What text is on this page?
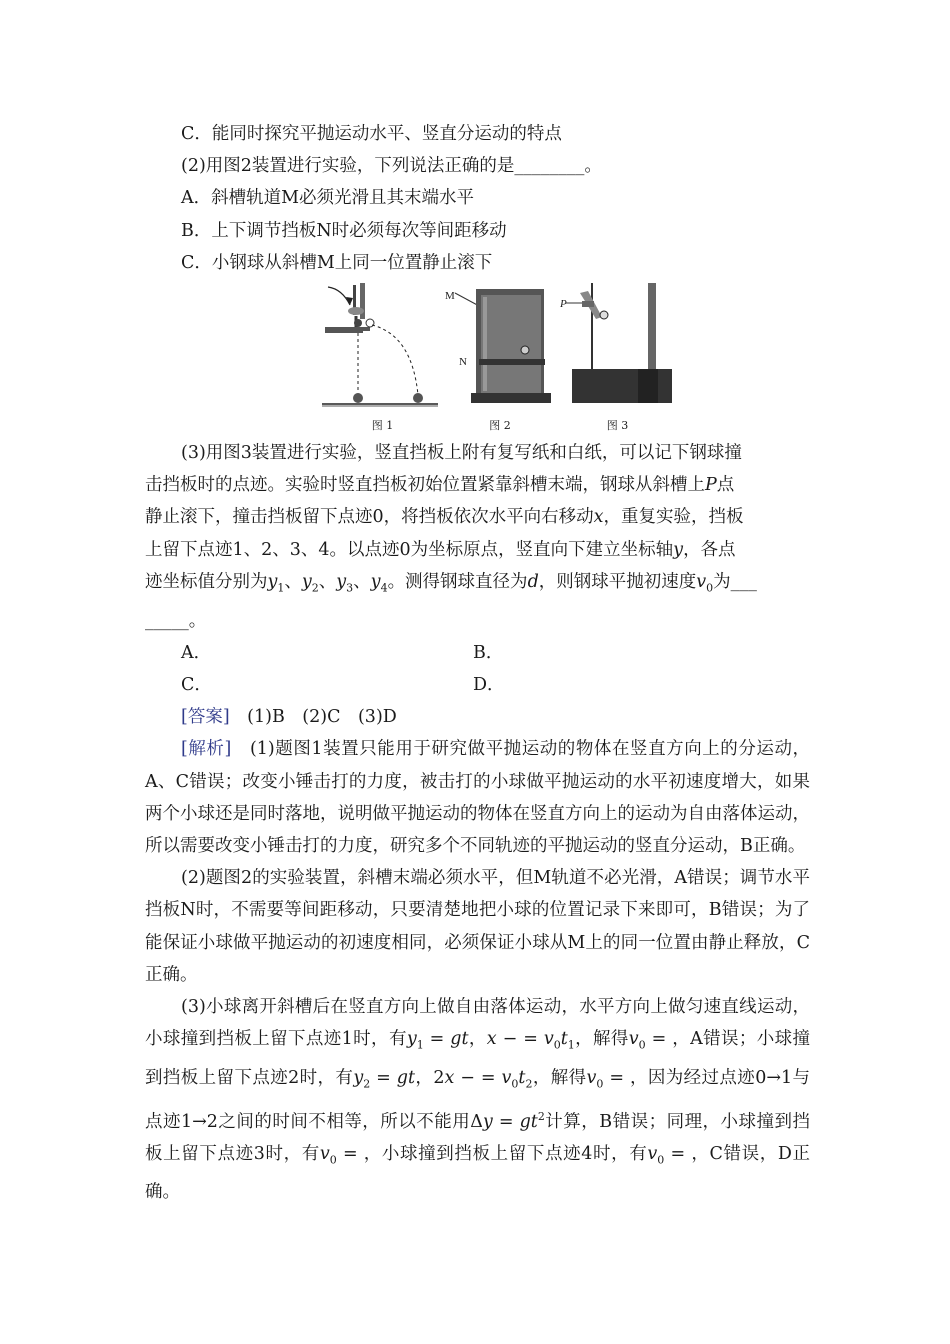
C．能同时探究平抛运动水平、竖直分运动的特点
(2)用图2装置进行实验，下列说法正确的是________。
A．斜槽轨道M必须光滑且其末端水平
B．上下调节挡板N时必须每次等间距移动
C．小钢球从斜槽M上同一位置静止滚下
图 1
M
N
图 2
P
图 3
(3)用图3装置进行实验，竖直挡板上附有复写纸和白纸，可以记下钢球撞
击挡板时的点迹。实验时竖直挡板初始位置紧靠斜槽末端，钢球从斜槽上P点
静止滚下，撞击挡板留下点迹0，将挡板依次水平向右移动x，重复实验，挡板
上留下点迹1、2、3、4。以点迹0为坐标原点，竖直向下建立坐标轴y，各点
迹坐标值分别为$y_1$、$y_2$、$y_3$、$y_4$。测得钢球直径为d，则钢球平抛初速度$v_0$为___
_____。
A．	B．
C．	D．
[答案]　 (1)B　(2)C　(3)D
[解析]　 (1)题图1装置只能用于研究做平抛运动的物体在竖直方向上的分运动，A、C错误；改变小锤击打的力度，被击打的小球做平抛运动的水平初速度增大，如果两个小球还是同时落地，说明做平抛运动的物体在竖直方向上的运动为自由落体运动，所以需要改变小锤击打的力度，研究多个不同轨迹的平抛运动的竖直分运动，B正确。
(2)题图2的实验装置，斜槽末端必须水平，但M轨道不必光滑，A错误；调节水平挡板N时，不需要等间距移动，只要清楚地把小球的位置记录下来即可，B错误；为了能保证小球做平抛运动的初速度相同，必须保证小球从M上的同一位置由静止释放，C正确。
(3)小球离开斜槽后在竖直方向上做自由落体运动，水平方向上做匀速直线运动，小球撞到挡板上留下点迹1时，有$y_1$ = gt，x − = $v_0t_1$，解得$v_0$ = ，A错误；小球撞到挡板上留下点迹2时，有$y_2$ = gt，2x − = $v_0t_2$，解得$v_0$ = ，因为经过点迹0→1与点迹1→2之间的时间不相等，所以不能用$\Delta y = gt^2$计算，B错误；同理，小球撞到挡板上留下点迹3时，有$v_0$ = ，小球撞到挡板上留下点迹4时，有$v_0$ = ，C错误，D正确。
